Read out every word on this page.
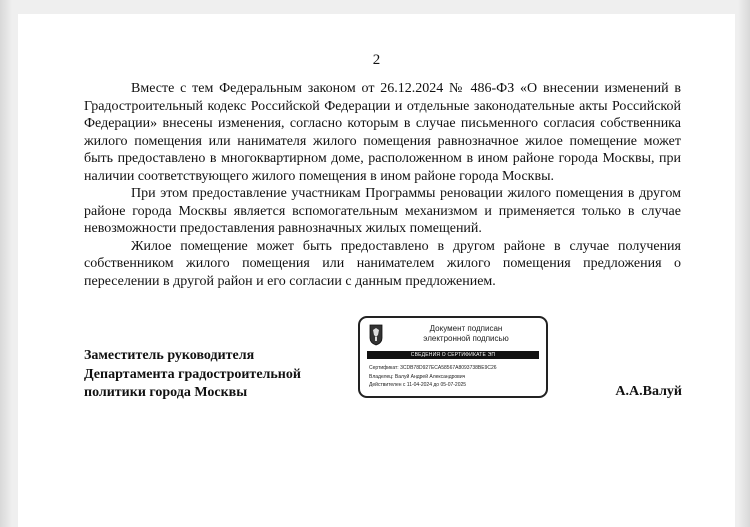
2

Вместе с тем Федеральным законом от 26.12.2024 № 486-ФЗ «О внесении изменений в Градостроительный кодекс Российской Федерации и отдельные законодательные акты Российской Федерации» внесены изменения, согласно которым в случае письменного согласия собственника жилого помещения или нанимателя жилого помещения равнозначное жилое помещение может быть предоставлено в многоквартирном доме, расположенном в ином районе города Москвы, при наличии соответствующего жилого помещения в ином районе города Москвы.

При этом предоставление участникам Программы реновации жилого помещения в другом районе города Москвы является вспомогательным механизмом и применяется только в случае невозможности предоставления равнозначных жилых помещений.

Жилое помещение может быть предоставлено в другом районе в случае получения собственником жилого помещения или нанимателем жилого помещения предложения о переселении в другой район и его согласии с данным предложением.

Заместитель руководителя
Департамента градостроительной
политики города Москвы
Документ подписан
электронной подписью
СВЕДЕНИЯ О СЕРТИФИКАТЕ ЭП
Сертификат: 3CDB78D927ECA58567A8093738BE9C26
Владелец: Валуй Андрей Александрович
Действителен с 11-04-2024 до 05-07-2025	А.А.Валуй
